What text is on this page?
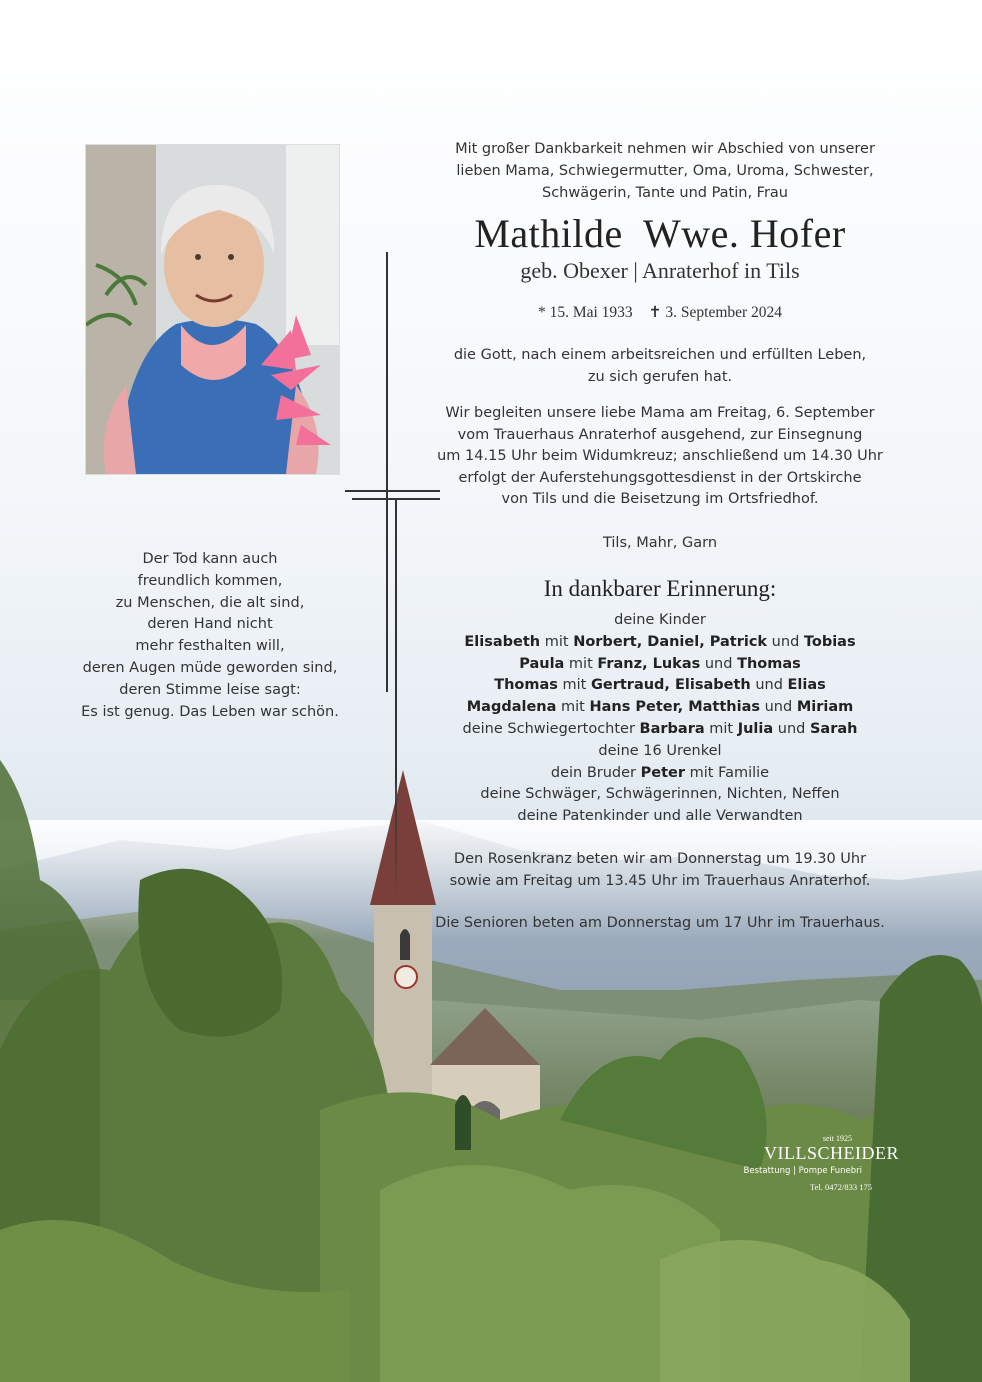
Mit großer Dankbarkeit nehmen wir Abschied von unserer
lieben Mama, Schwiegermutter, Oma, Uroma, Schwester,
Schwägerin, Tante und Patin, Frau
Mathilde  Wwe. Hofer
geb. Obexer | Anraterhof in Tils
* 15. Mai 1933 ✝ 3. September 2024
die Gott, nach einem arbeitsreichen und erfüllten Leben,
zu sich gerufen hat.
Wir begleiten unsere liebe Mama am Freitag, 6. September
vom Trauerhaus Anraterhof ausgehend, zur Einsegnung
um 14.15 Uhr beim Widumkreuz; anschließend um 14.30 Uhr
erfolgt der Auferstehungsgottesdienst in der Ortskirche
von Tils und die Beisetzung im Ortsfriedhof.
Tils, Mahr, Garn
In dankbarer Erinnerung:
deine Kinder
Elisabeth mit Norbert, Daniel, Patrick und Tobias
Paula mit Franz, Lukas und Thomas
Thomas mit Gertraud, Elisabeth und Elias
Magdalena mit Hans Peter, Matthias und Miriam
deine Schwiegertochter Barbara mit Julia und Sarah
deine 16 Urenkel
dein Bruder Peter mit Familie
deine Schwäger, Schwägerinnen, Nichten, Neffen
deine Patenkinder und alle Verwandten
Den Rosenkranz beten wir am Donnerstag um 19.30 Uhr
sowie am Freitag um 13.45 Uhr im Trauerhaus Anraterhof.
Die Senioren beten am Donnerstag um 17 Uhr im Trauerhaus.
Der Tod kann auch
freundlich kommen,
zu Menschen, die alt sind,
deren Hand nicht
mehr festhalten will,
deren Augen müde geworden sind,
deren Stimme leise sagt:
Es ist genug. Das Leben war schön.
seit 1925
VILLSCHEIDER
Bestattung | Pompe Funebri
Tel. 0472/833 175
